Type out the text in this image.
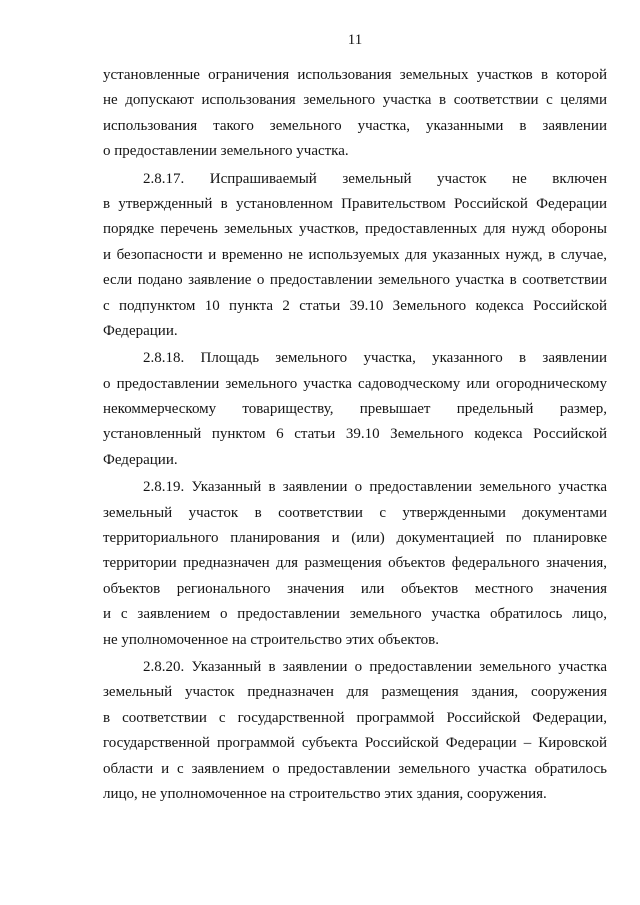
11
установленные ограничения использования земельных участков в которой
не допускают использования земельного участка в соответствии с целями
использования такого земельного участка, указанными в заявлении
о предоставлении земельного участка.
2.8.17. Испрашиваемый земельный участок не включен
в утвержденный в установленном Правительством Российской Федерации
порядке перечень земельных участков, предоставленных для нужд обороны
и безопасности и временно не используемых для указанных нужд, в случае,
если подано заявление о предоставлении земельного участка в соответствии
с подпунктом 10 пункта 2 статьи 39.10 Земельного кодекса Российской
Федерации.
2.8.18. Площадь земельного участка, указанного в заявлении
о предоставлении земельного участка садоводческому или огородническому
некоммерческому товариществу, превышает предельный размер,
установленный пунктом 6 статьи 39.10 Земельного кодекса Российской
Федерации.
2.8.19. Указанный в заявлении о предоставлении земельного участка
земельный участок в соответствии с утвержденными документами
территориального планирования и (или) документацией по планировке
территории предназначен для размещения объектов федерального значения,
объектов регионального значения или объектов местного значения
и с заявлением о предоставлении земельного участка обратилось лицо,
не уполномоченное на строительство этих объектов.
2.8.20. Указанный в заявлении о предоставлении земельного участка
земельный участок предназначен для размещения здания, сооружения
в соответствии с государственной программой Российской Федерации,
государственной программой субъекта Российской Федерации – Кировской
области и с заявлением о предоставлении земельного участка обратилось
лицо, не уполномоченное на строительство этих здания, сооружения.
